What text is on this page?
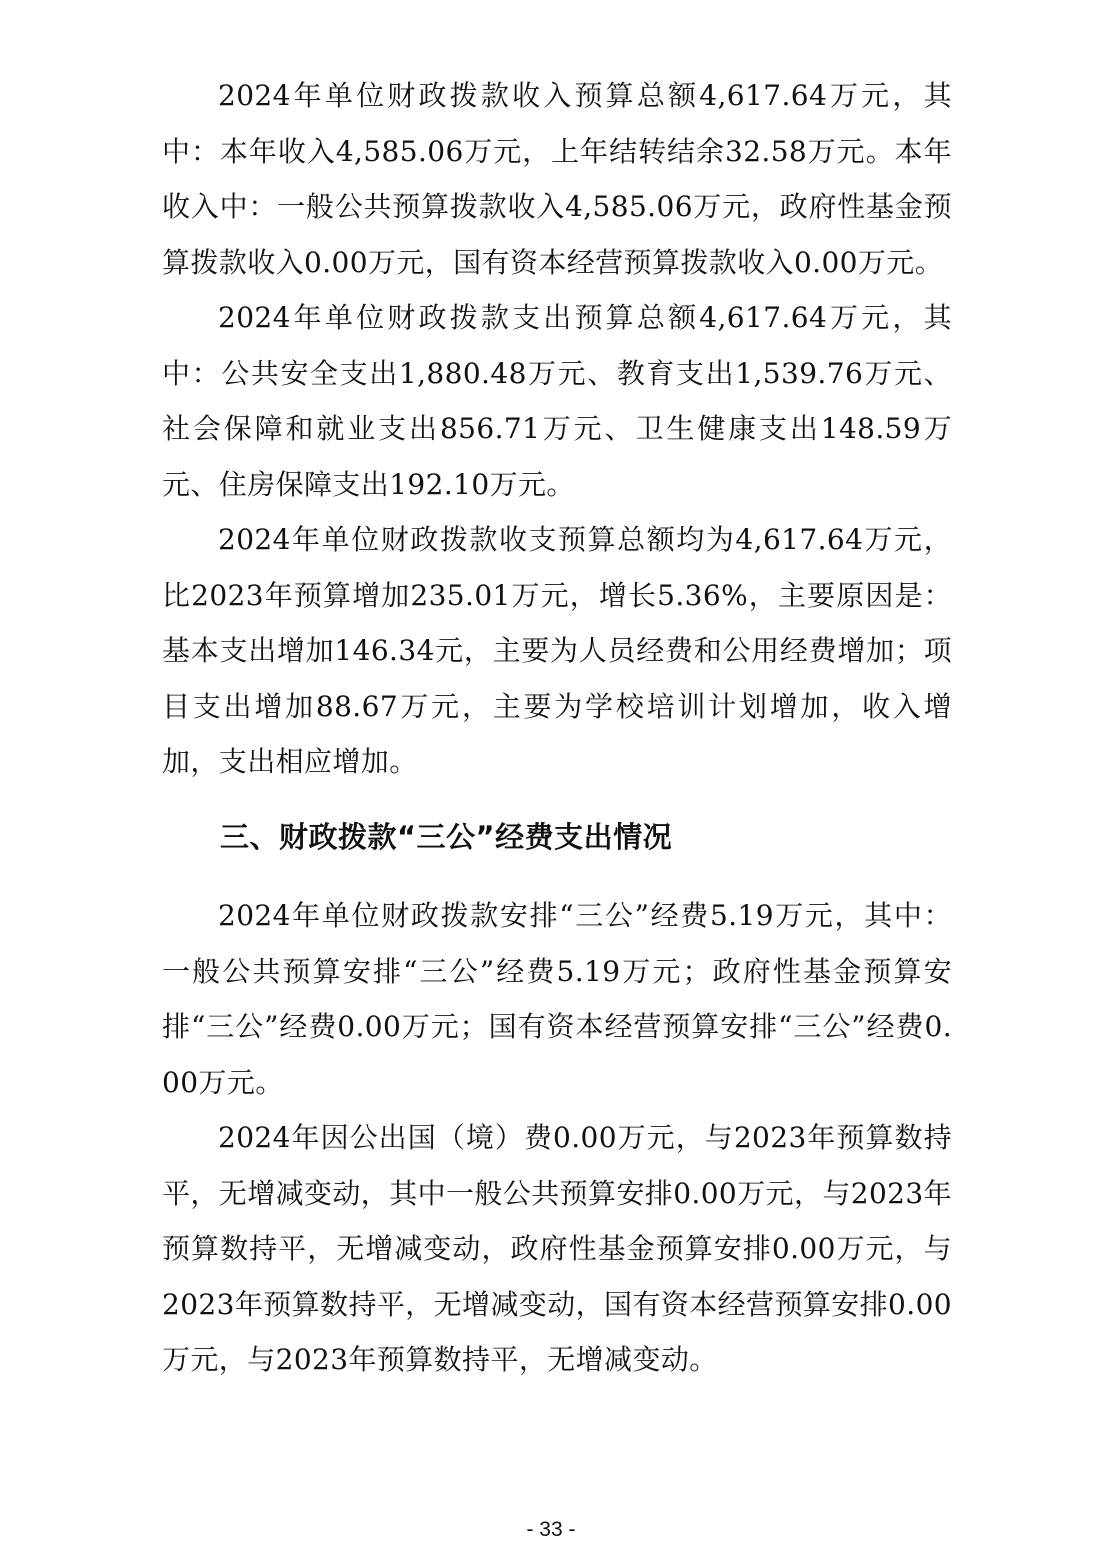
2024年单位财政拨款收入预算总额4,617.64万元，其中：本年收入4,585.06万元，上年结转结余32.58万元。本年收入中：一般公共预算拨款收入4,585.06万元，政府性基金预算拨款收入0.00万元，国有资本经营预算拨款收入0.00万元。

2024年单位财政拨款支出预算总额4,617.64万元，其中：公共安全支出1,880.48万元、教育支出1,539.76万元、社会保障和就业支出856.71万元、卫生健康支出148.59万元、住房保障支出192.10万元。

2024年单位财政拨款收支预算总额均为4,617.64万元，比2023年预算增加235.01万元，增长5.36%，主要原因是：基本支出增加146.34元，主要为人员经费和公用经费增加；项目支出增加88.67万元，主要为学校培训计划增加，收入增加，支出相应增加。

三、财政拨款“三公”经费支出情况

2024年单位财政拨款安排“三公”经费5.19万元，其中：一般公共预算安排“三公”经费5.19万元；政府性基金预算安排“三公”经费0.00万元；国有资本经营预算安排“三公”经费0.00万元。

2024年因公出国（境）费0.00万元，与2023年预算数持平，无增减变动，其中一般公共预算安排0.00万元，与2023年预算数持平，无增减变动，政府性基金预算安排0.00万元，与2023年预算数持平，无增减变动，国有资本经营预算安排0.00万元，与2023年预算数持平，无增减变动。

- 33 -
